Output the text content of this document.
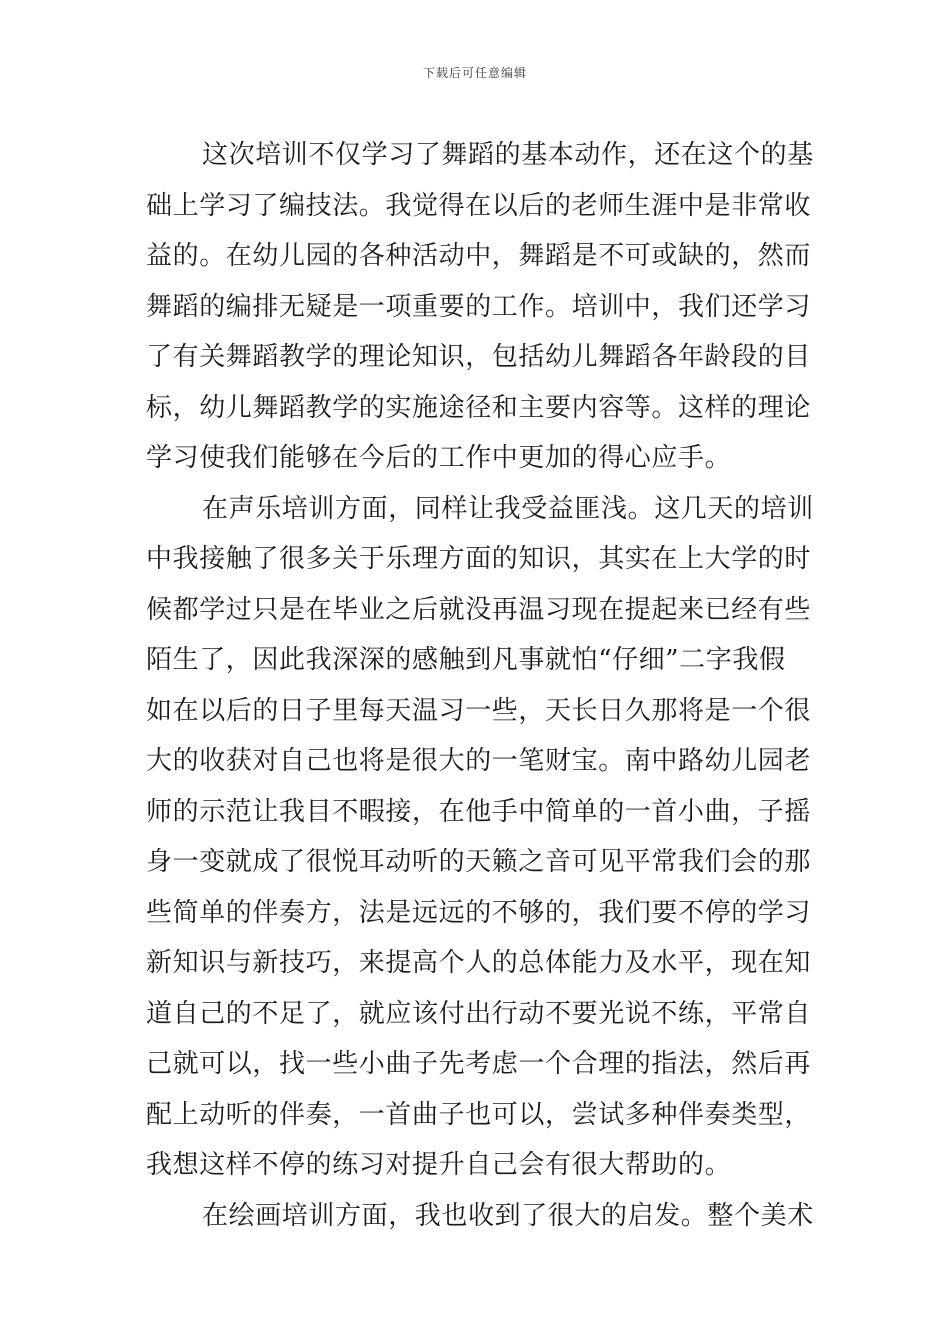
下载后可任意编辑
这次培训不仅学习了舞蹈的基本动作，还在这个的基
础上学习了编技法。我觉得在以后的老师生涯中是非常收
益的。在幼儿园的各种活动中，舞蹈是不可或缺的，然而
舞蹈的编排无疑是一项重要的工作。培训中，我们还学习
了有关舞蹈教学的理论知识，包括幼儿舞蹈各年龄段的目
标，幼儿舞蹈教学的实施途径和主要内容等。这样的理论
学习使我们能够在今后的工作中更加的得心应手。
在声乐培训方面，同样让我受益匪浅。这几天的培训
中我接触了很多关于乐理方面的知识，其实在上大学的时
候都学过只是在毕业之后就没再温习现在提起来已经有些
陌生了，因此我深深的感触到凡事就怕“仔细”二字我假
如在以后的日子里每天温习一些，天长日久那将是一个很
大的收获对自己也将是很大的一笔财宝。南中路幼儿园老
师的示范让我目不暇接，在他手中简单的一首小曲，子摇
身一变就成了很悦耳动听的天籁之音可见平常我们会的那
些简单的伴奏方，法是远远的不够的，我们要不停的学习
新知识与新技巧，来提高个人的总体能力及水平，现在知
道自己的不足了，就应该付出行动不要光说不练，平常自
己就可以，找一些小曲子先考虑一个合理的指法，然后再
配上动听的伴奏，一首曲子也可以，尝试多种伴奏类型，
我想这样不停的练习对提升自己会有很大帮助的。
在绘画培训方面，我也收到了很大的启发。整个美术
